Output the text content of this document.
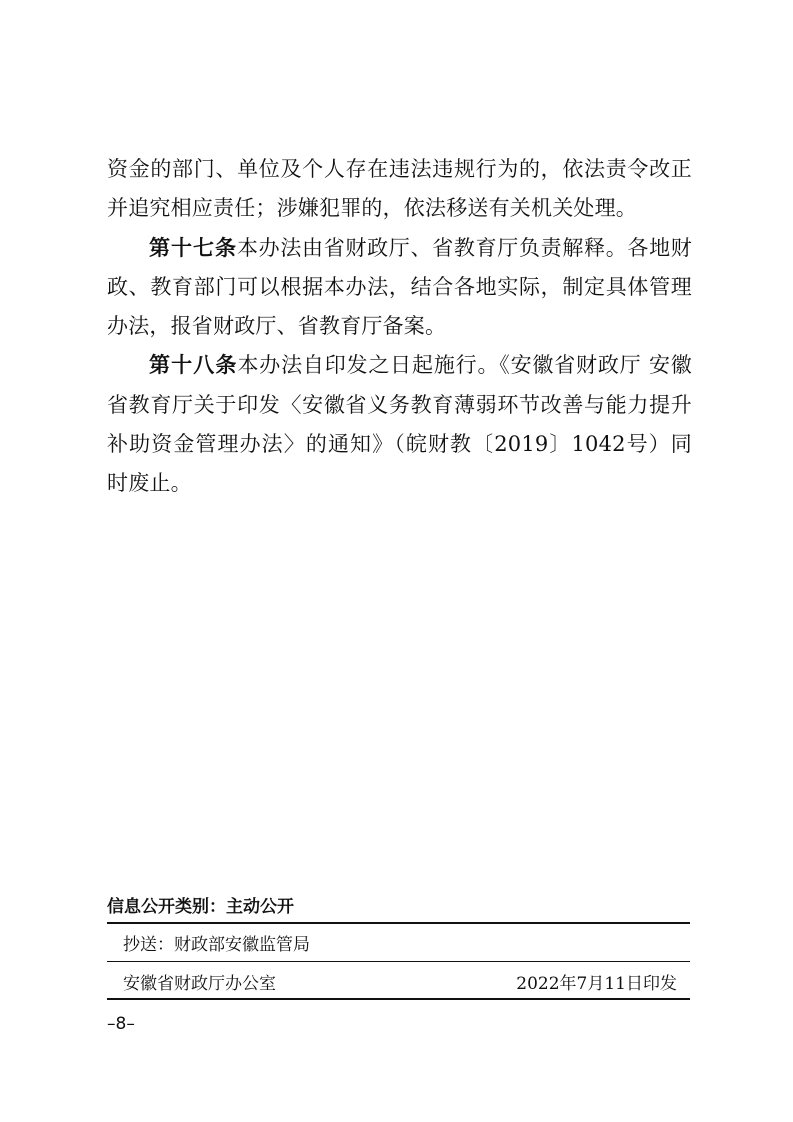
资金的部门、单位及个人存在违法违规行为的，依法责令改正并追究相应责任；涉嫌犯罪的，依法移送有关机关处理。

第十七条本办法由省财政厅、省教育厅负责解释。各地财政、教育部门可以根据本办法，结合各地实际，制定具体管理办法，报省财政厅、省教育厅备案。

第十八条本办法自印发之日起施行。《安徽省财政厅 安徽省教育厅关于印发〈安徽省义务教育薄弱环节改善与能力提升补助资金管理办法〉的通知》（皖财教〔2019〕1042号）同时废止。

信息公开类别：主动公开
抄送：财政部安徽监管局
安徽省财政厅办公室	2022年7月11日印发
–8–
